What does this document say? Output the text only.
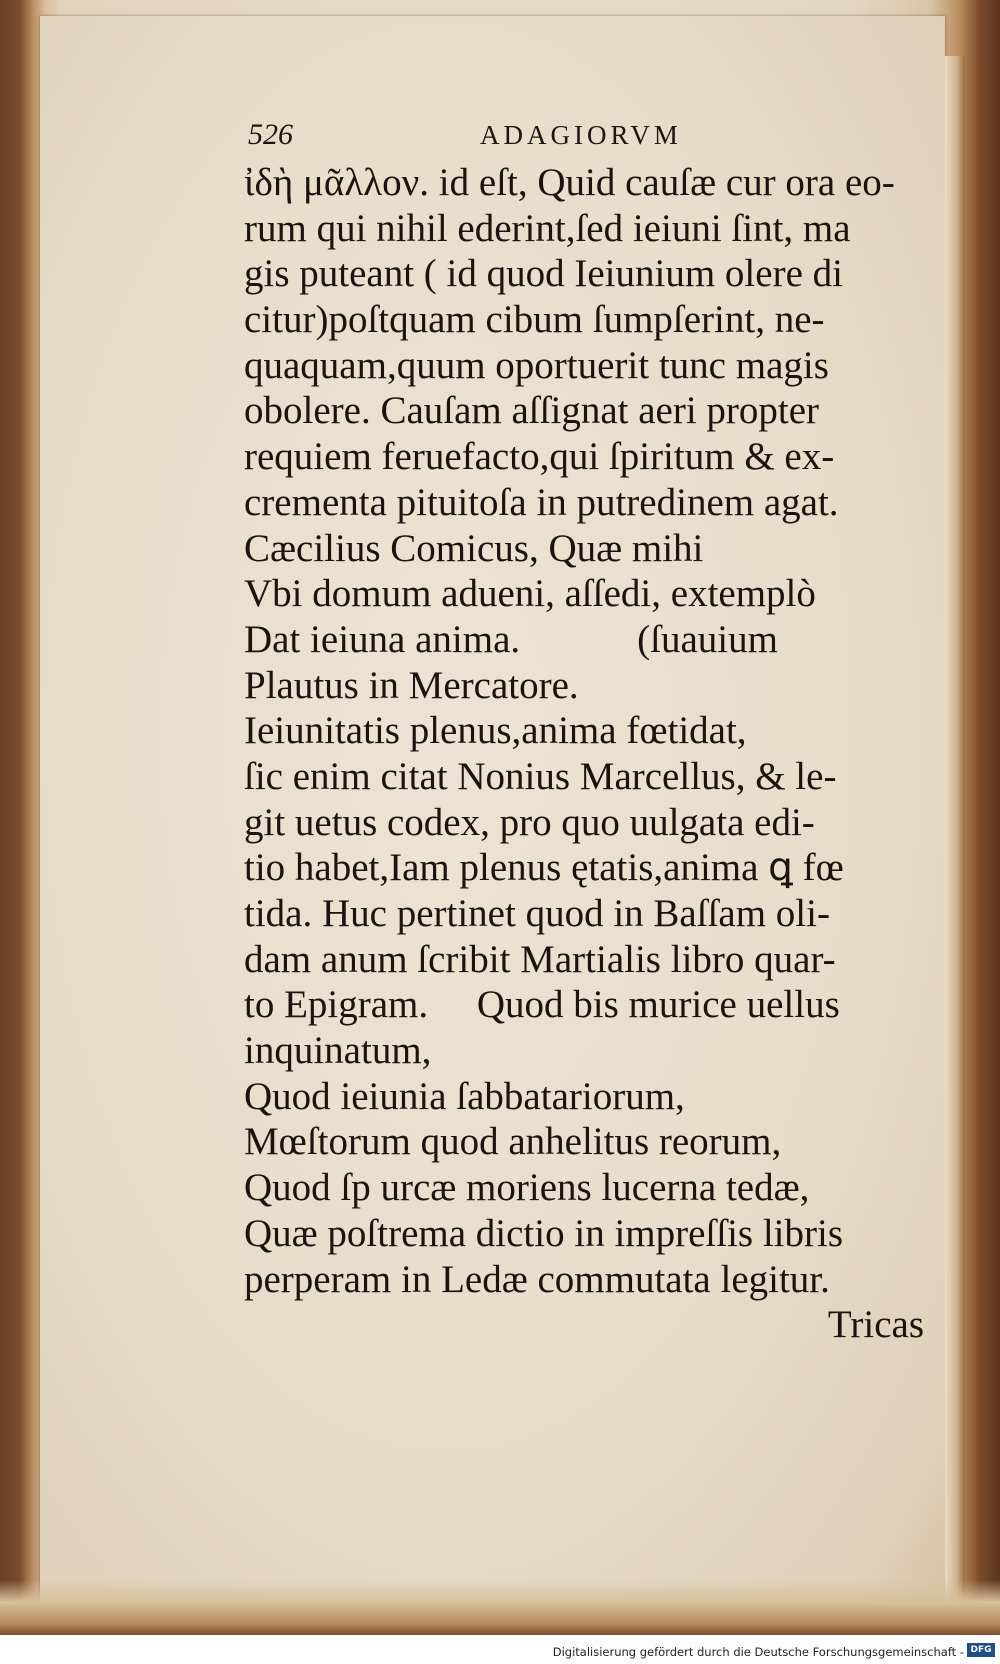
526	ADAGIORVM
ἰδὴ μᾶλλον. id eſt, Quid cauſæ cur ora eo-
rum qui nihil ederint,ſed ieiuni ſint, ma
gis puteant ( id quod Ieiunium olere di
citur)poſtquam cibum ſumpſerint, ne-
quaquam,quum oportuerit tunc magis
obolere. Cauſam aſſignat aeri propter
requiem feruefacto,qui ſpiritum & ex-
crementa pituitoſa in putredinem agat.
Cæcilius Comicus, Quæ mihi
Vbi domum adueni, aſſedi, extemplò
Dat ieiuna anima.            (ſuauium
Plautus in Mercatore.
Ieiunitatis plenus,anima fœtidat,
ſic enim citat Nonius Marcellus, & le-
git uetus codex, pro quo uulgata edi-
tio habet,Iam plenus ętatis,anima ꝗ fœ
tida. Huc pertinet quod in Baſſam oli-
dam anum ſcribit Martialis libro quar-
to Epigram.     Quod bis murice uellus
inquinatum,
Quod ieiunia ſabbatariorum,
Mœſtorum quod anhelitus reorum,
Quod ſp urcæ moriens lucerna tedæ,
Quæ poſtrema dictio in impreſſis libris
perperam in Ledæ commutata legitur.
Tricas
Digitalisierung gefördert durch die Deutsche Forschungsgemeinschaft - DFG
